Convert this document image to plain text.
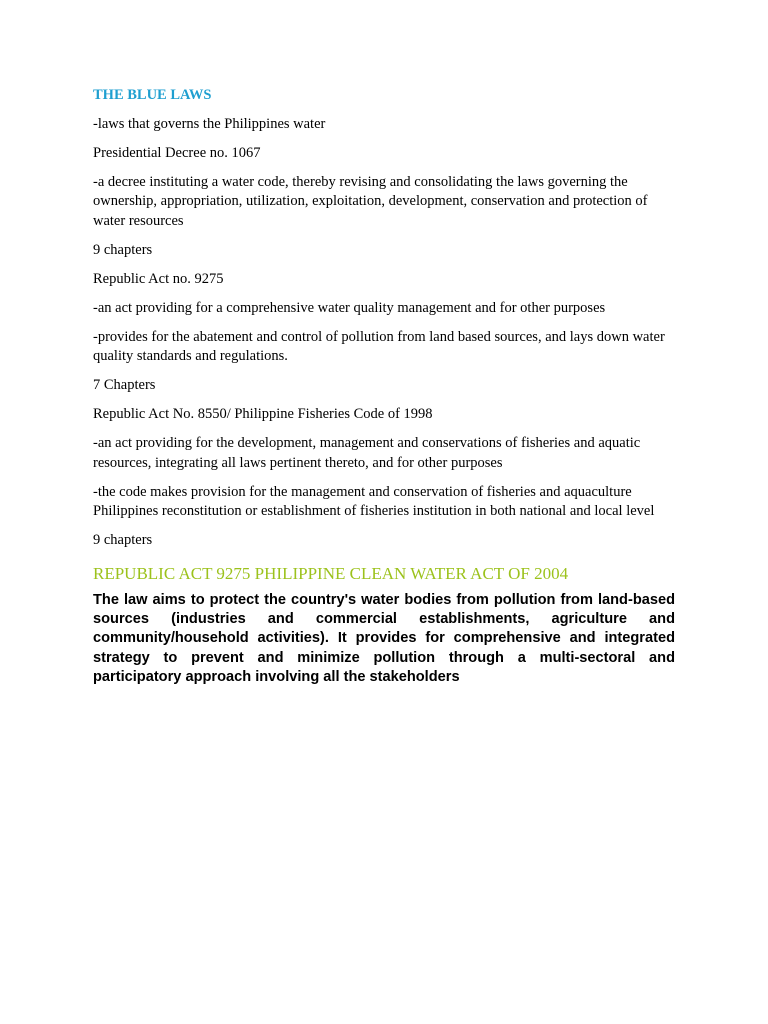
THE BLUE LAWS

-laws that governs the Philippines water

Presidential Decree no. 1067

-a decree instituting a water code, thereby revising and consolidating the laws governing the ownership, appropriation, utilization, exploitation, development, conservation and protection of water resources

9 chapters

Republic Act no. 9275

-an act providing for a comprehensive water quality management and for other purposes

-provides for the abatement and control of pollution from land based sources, and lays down water quality standards and regulations.

7 Chapters

Republic Act No. 8550/ Philippine Fisheries Code of 1998

-an act providing for the development, management and conservations of fisheries and aquatic resources, integrating all laws pertinent thereto, and for other purposes

-the code makes provision for the management and conservation of fisheries and aquaculture Philippines reconstitution or establishment of fisheries institution in both national and local level

9 chapters

REPUBLIC ACT 9275 PHILIPPINE CLEAN WATER ACT OF 2004

The law aims to protect the country's water bodies from pollution from land-based sources (industries and commercial establishments, agriculture and community/household activities). It provides for comprehensive and integrated strategy to prevent and minimize pollution through a multi-sectoral and participatory approach involving all the stakeholders
